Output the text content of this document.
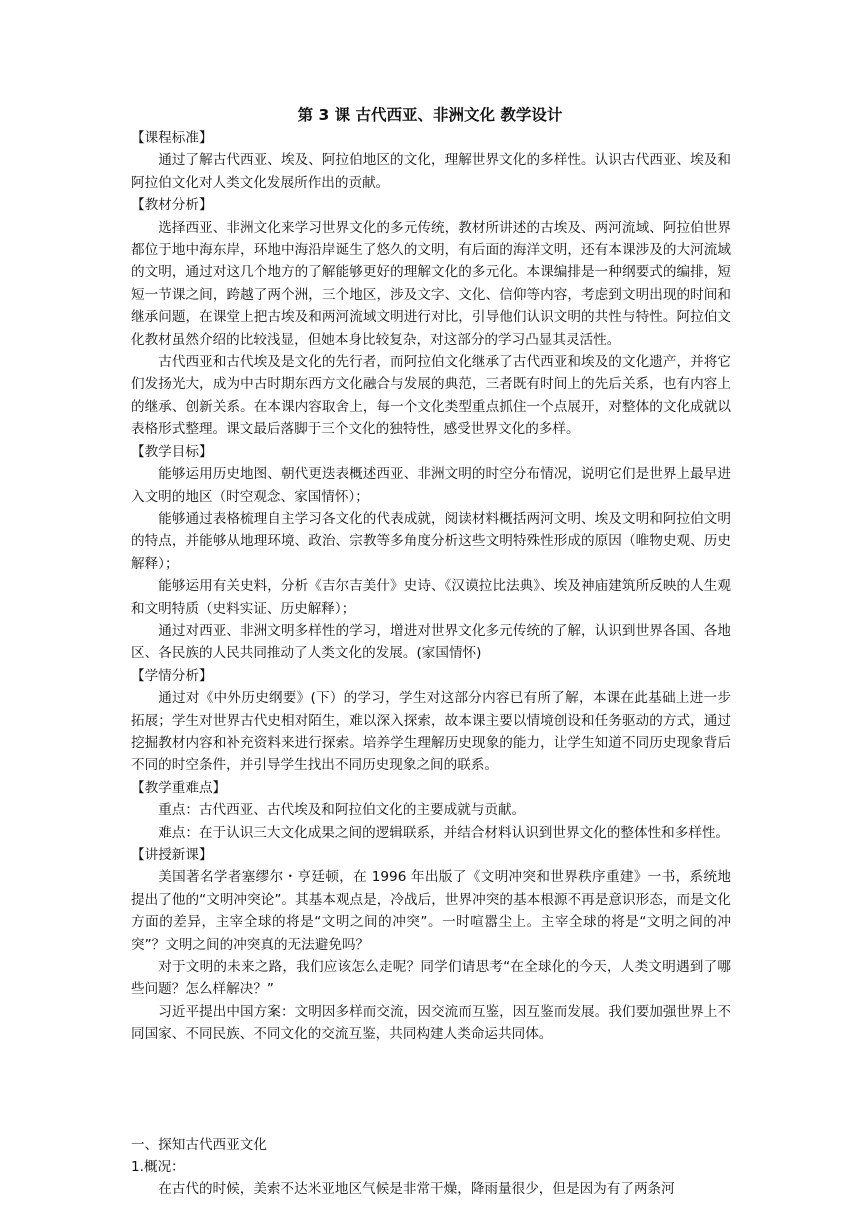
第 3 课 古代西亚、非洲文化 教学设计

【课程标准】

通过了解古代西亚、埃及、阿拉伯地区的文化，理解世界文化的多样性。认识古代西亚、埃及和阿拉伯文化对人类文化发展所作出的贡献。

【教材分析】

选择西亚、非洲文化来学习世界文化的多元传统，教材所讲述的古埃及、两河流域、阿拉伯世界都位于地中海东岸，环地中海沿岸诞生了悠久的文明，有后面的海洋文明，还有本课涉及的大河流域的文明，通过对这几个地方的了解能够更好的理解文化的多元化。本课编排是一种纲要式的编排，短短一节课之间，跨越了两个洲，三个地区，涉及文字、文化、信仰等内容，考虑到文明出现的时间和继承问题，在课堂上把古埃及和两河流域文明进行对比，引导他们认识文明的共性与特性。阿拉伯文化教材虽然介绍的比较浅显，但她本身比较复杂，对这部分的学习凸显其灵活性。

古代西亚和古代埃及是文化的先行者，而阿拉伯文化继承了古代西亚和埃及的文化遗产，并将它们发扬光大，成为中古时期东西方文化融合与发展的典范，三者既有时间上的先后关系，也有内容上的继承、创新关系。在本课内容取舍上，每一个文化类型重点抓住一个点展开，对整体的文化成就以表格形式整理。课文最后落脚于三个文化的独特性，感受世界文化的多样。

【教学目标】

能够运用历史地图、朝代更迭表概述西亚、非洲文明的时空分布情况，说明它们是世界上最早进入文明的地区（时空观念、家国情怀）；

能够通过表格梳理自主学习各文化的代表成就，阅读材料概括两河文明、埃及文明和阿拉伯文明的特点，并能够从地理环境、政治、宗教等多角度分析这些文明特殊性形成的原因（唯物史观、历史解释）；

能够运用有关史料，分析《吉尔吉美什》史诗、《汉谟拉比法典》、埃及神庙建筑所反映的人生观和文明特质（史料实证、历史解释）；

通过对西亚、非洲文明多样性的学习，增进对世界文化多元传统的了解，认识到世界各国、各地区、各民族的人民共同推动了人类文化的发展。(家国情怀)

【学情分析】

通过对《中外历史纲要》(下）的学习，学生对这部分内容已有所了解，本课在此基础上进一步拓展；学生对世界古代史相对陌生，难以深入探索，故本课主要以情境创设和任务驱动的方式，通过挖掘教材内容和补充资料来进行探索。培养学生理解历史现象的能力，让学生知道不同历史现象背后不同的时空条件，并引导学生找出不同历史现象之间的联系。

【教学重难点】

重点：古代西亚、古代埃及和阿拉伯文化的主要成就与贡献。

难点：在于认识三大文化成果之间的逻辑联系，并结合材料认识到世界文化的整体性和多样性。

【讲授新课】

美国著名学者塞缪尔・亨廷顿，在 1996 年出版了《文明冲突和世界秩序重建》一书，系统地提出了他的“文明冲突论”。其基本观点是，冷战后，世界冲突的基本根源不再是意识形态，而是文化方面的差异，主宰全球的将是“文明之间的冲突”。一时喧嚣尘上。主宰全球的将是“文明之间的冲突”？文明之间的冲突真的无法避免吗？

对于文明的未来之路，我们应该怎么走呢？同学们请思考“在全球化的今天，人类文明遇到了哪些问题？怎么样解决？”

习近平提出中国方案：文明因多样而交流，因交流而互鉴，因互鉴而发展。我们要加强世界上不同国家、不同民族、不同文化的交流互鉴，共同构建人类命运共同体。

一、探知古代西亚文化

1.概况：

在古代的时候，美索不达米亚地区气候是非常干燥，降雨量很少，但是因为有了两条河
